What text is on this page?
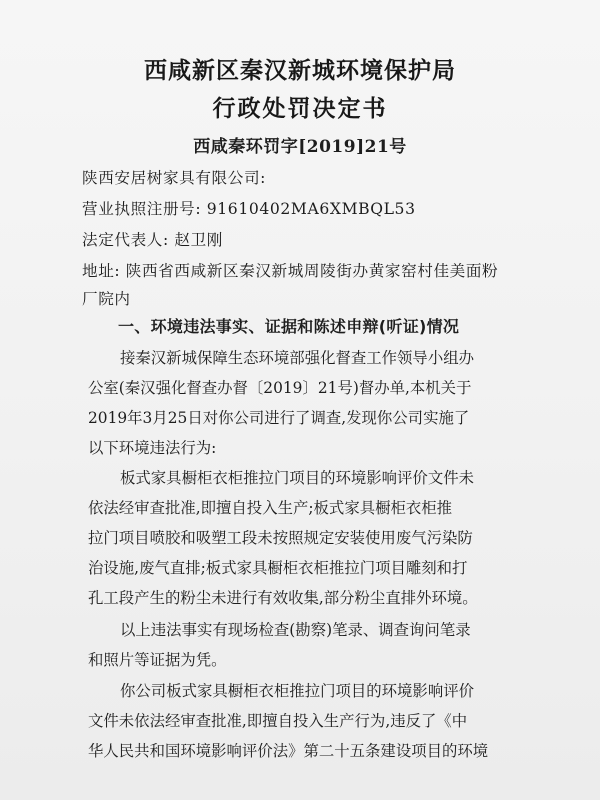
西咸新区秦汉新城环境保护局
行政处罚决定书
西咸秦环罚字[2019]21号
陕西安居树家具有限公司:
营业执照注册号: 91610402MA6XMBQL53
法定代表人: 赵卫刚
地址: 陕西省西咸新区秦汉新城周陵街办黄家窑村佳美面粉
厂院内
一、环境违法事实、证据和陈述申辩(听证)情况
接秦汉新城保障生态环境部强化督查工作领导小组办
公室(秦汉强化督查办督〔2019〕21号)督办单,本机关于
2019年3月25日对你公司进行了调查,发现你公司实施了
以下环境违法行为:
板式家具橱柜衣柜推拉门项目的环境影响评价文件未
依法经审查批准,即擅自投入生产;板式家具橱柜衣柜推
拉门项目喷胶和吸塑工段未按照规定安装使用废气污染防
治设施,废气直排;板式家具橱柜衣柜推拉门项目雕刻和打
孔工段产生的粉尘未进行有效收集,部分粉尘直排外环境。
以上违法事实有现场检查(勘察)笔录、调查询问笔录
和照片等证据为凭。
你公司板式家具橱柜衣柜推拉门项目的环境影响评价
文件未依法经审查批准,即擅自投入生产行为,违反了《中
华人民共和国环境影响评价法》第二十五条建设项目的环境
